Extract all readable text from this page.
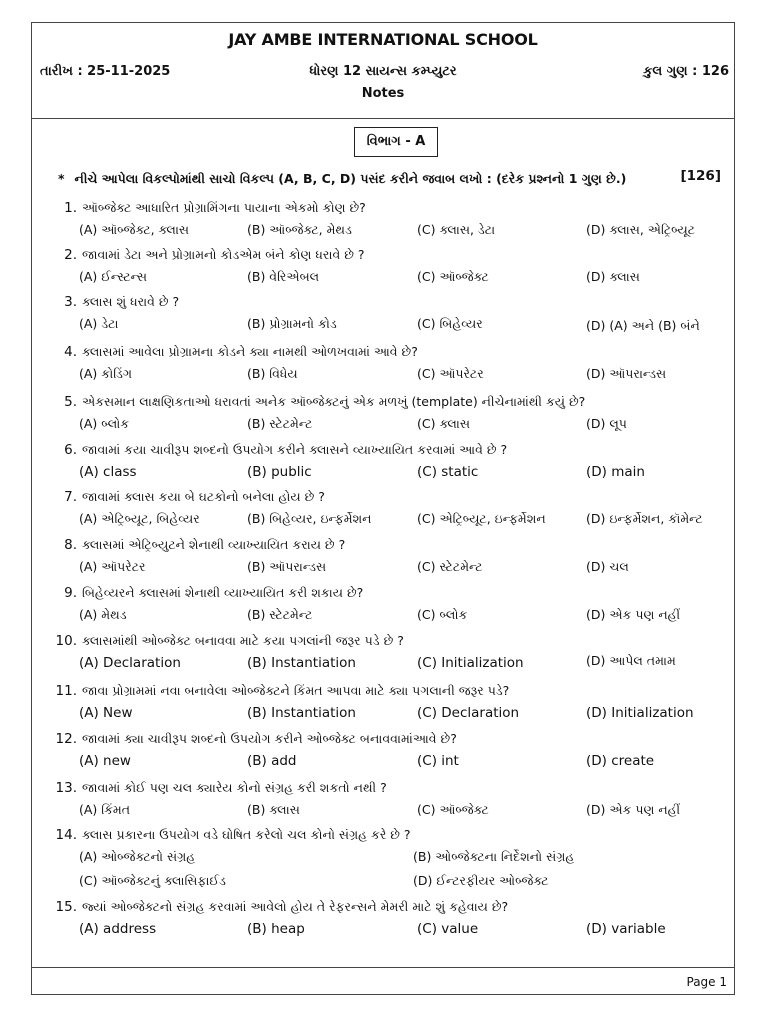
JAY AMBE INTERNATIONAL SCHOOL
તારીખ : 25-11-2025	ધોરણ 12 સાયન્સ કમ્પ્યુટર	કુલ ગુણ : 126
Notes
વિભાગ - A
* નીચે આપેલા વિકલ્પોમાંથી સાચો વિકલ્પ (A, B, C, D) પસંદ કરીને જવાબ લખો : (દરેક પ્રશ્નનો 1 ગુણ છે.)	[126]
1. ઑબ્જેક્ટ આધારિત પ્રોગ્રામિંગના પાયાના એકમો કોણ છે?
(A) ઑબ્જેક્ટ, ક્લાસ	(B) ઑબ્જેક્ટ, મેથડ	(C) ક્લાસ, ડેટા	(D) ક્લાસ, એટ્રિબ્યૂટ
2. જાવામાં ડેટા અને પ્રોગ્રામનો કોડએમ બંને કોણ ધરાવે છે ?
(A) ઈન્સ્ટન્સ	(B) વેરિએબલ	(C) ઑબ્જેક્ટ	(D) ક્લાસ
3. ક્લાસ શું ધરાવે છે ?
(A) ડેટા	(B) પ્રોગ્રામનો કોડ	(C) બિહેવ્યર	(D) (A) અને (B) બંને
4. ક્લાસમાં આવેલા પ્રોગ્રામના કોડને ક્યા નામથી ઓળખવામાં આવે છે?
(A) કોડિંગ	(B) વિધેય	(C) ઑપરેટર	(D) ઑપરાન્ડસ
5. એકસમાન લાક્ષણિકતાઓ ધરાવતાં અનેક ઑબ્જેક્ટનું એક મળખું (template) નીચેનામાંથી કયું છે?
(A) બ્લોક	(B) સ્ટેટમેન્ટ	(C) ક્લાસ	(D) લૂપ
6. જાવામાં કયા ચાવીરૂપ શબ્દનો ઉપયોગ કરીને ક્લાસને વ્યાખ્યાયિત કરવામાં આવે છે ?
(A) class	(B) public	(C) static	(D) main
7. જાવામાં ક્લાસ કયા બે ઘટકોનો બનેલા હોય છે ?
(A) એટ્રિબ્યૂટ, બિહેવ્યર	(B) બિહેવ્યર, ઇન્ફર્મેશન	(C) એટ્રિબ્યૂટ, ઇન્ફર્મેશન	(D) ઇન્ફર્મેશન, કૉમેન્ટ
8. ક્લાસમાં એટ્રિબ્યુટને શેનાથી વ્યાખ્યાયિત કરાય છે ?
(A) ઑપરેટર	(B) ઑપરાન્ડસ	(C) સ્ટેટમેન્ટ	(D) ચલ
9. બિહેવ્યરને ક્લાસમાં શેનાથી વ્યાખ્યાયિત કરી શકાય છે?
(A) મેથડ	(B) સ્ટેટમેન્ટ	(C) બ્લોક	(D) એક પણ નહીં
10. ક્લાસમાંથી ઓબ્જેક્ટ બનાવવા માટે કયા પગલાંની જરૂર પડે છે ?
(A) Declaration	(B) Instantiation	(C) Initialization	(D) આપેલ તમામ
11. જાવા પ્રોગ્રામમાં નવા બનાવેલા ઓબ્જેક્ટને કિંમત આપવા માટે ક્યા પગલાની જરૂર પડે?
(A) New	(B) Instantiation	(C) Declaration	(D) Initialization
12. જાવામાં ક્યા ચાવીરૂપ શબ્દનો ઉપયોગ કરીને ઓબ્જેક્ટ બનાવવામાંઆવે છે?
(A) new	(B) add	(C) int	(D) create
13. જાવામાં કોઈ પણ ચલ ક્યારેય કોનો સંગ્રહ કરી શકતો નથી ?
(A) કિંમત	(B) ક્લાસ	(C) ઑબ્જેક્ટ	(D) એક પણ નહીં
14. ક્લાસ પ્રકારના ઉપયોગ વડે ઘોષિત કરેલો ચલ કોનો સંગ્રહ કરે છે ?
(A) ઓબ્જેક્ટનો સંગ્રહ	(B) ઓબ્જેક્ટના નિર્દેશનો સંગ્રહ
(C) ઑબ્જેક્ટનું ક્લાસિફાઈડ	(D) ઈન્ટરફીયર ઓબ્જેક્ટ
15. જ્યાં ઓબ્જેક્ટનો સંગ્રહ કરવામાં આવેલો હોય તે રેફરન્સને મેમરી માટે શું કહેવાય છે?
(A) address	(B) heap	(C) value	(D) variable
Page 1
